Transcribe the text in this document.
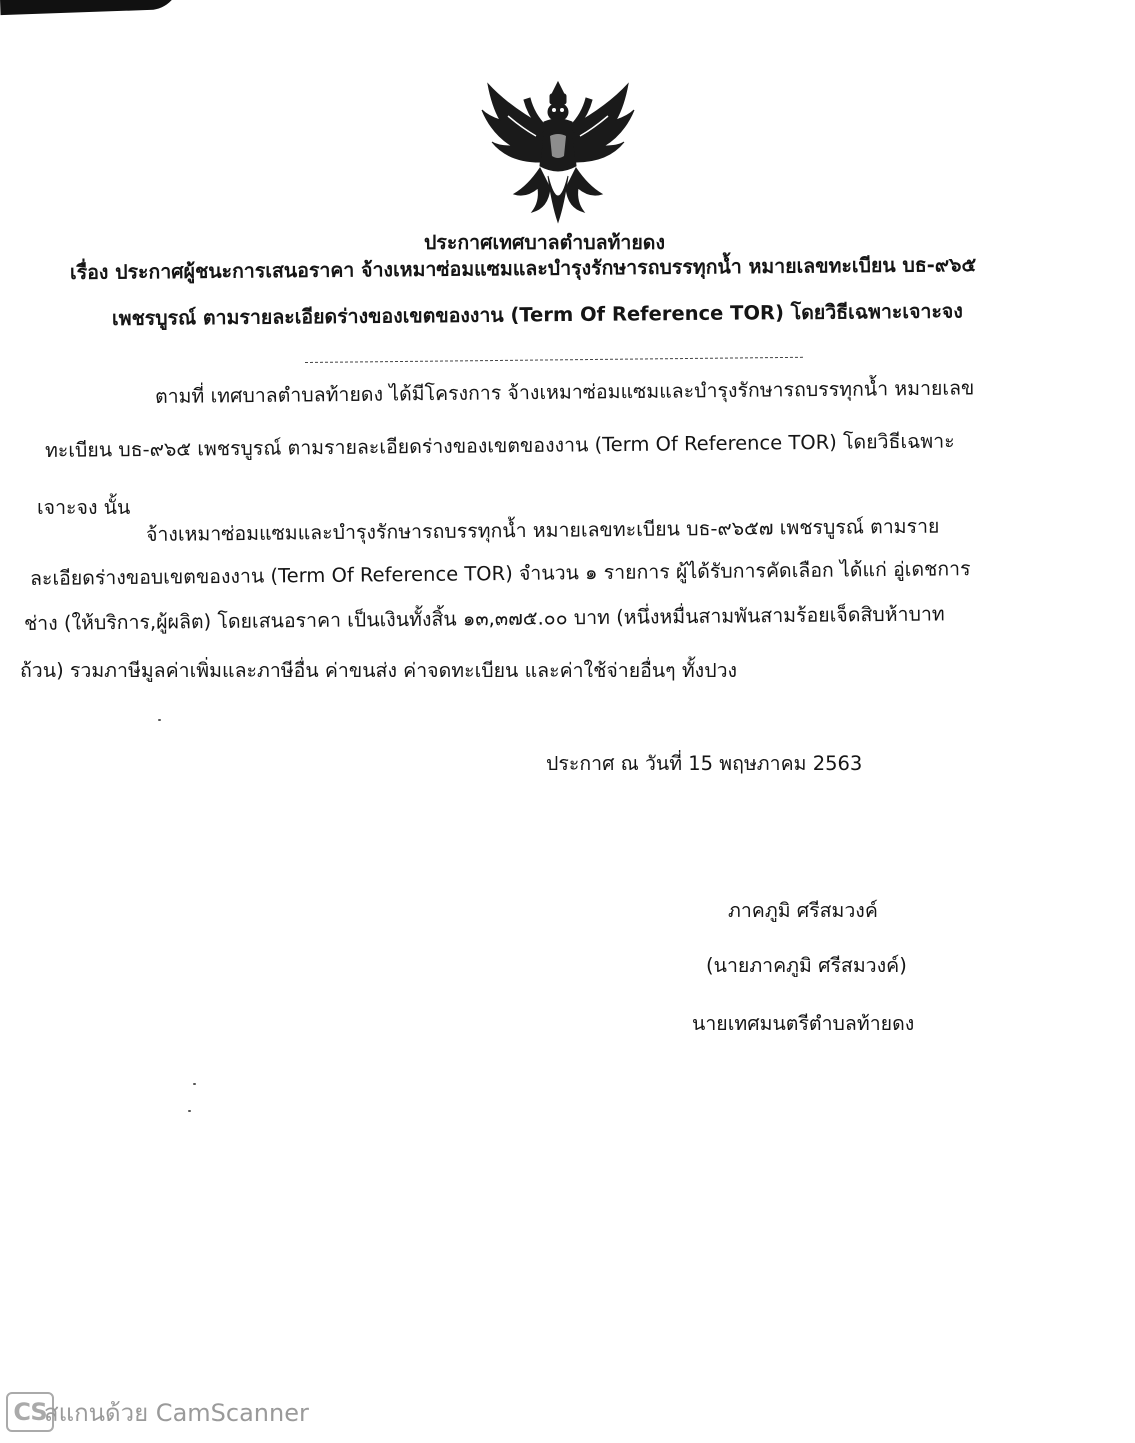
ประกาศเทศบาลตำบลท้ายดง
เรื่อง ประกาศผู้ชนะการเสนอราคา จ้างเหมาซ่อมแซมและบำรุงรักษารถบรรทุกน้ำ หมายเลขทะเบียน บธ-๙๖๕
เพชรบูรณ์ ตามรายละเอียดร่างของเขตของงาน (Term Of Reference TOR) โดยวิธีเฉพาะเจาะจง
ตามที่ เทศบาลตำบลท้ายดง ได้มีโครงการ จ้างเหมาซ่อมแซมและบำรุงรักษารถบรรทุกน้ำ หมายเลข
ทะเบียน บธ-๙๖๕ เพชรบูรณ์ ตามรายละเอียดร่างของเขตของงาน (Term Of Reference TOR) โดยวิธีเฉพาะ
เจาะจง นั้น
จ้างเหมาซ่อมแซมและบำรุงรักษารถบรรทุกน้ำ หมายเลขทะเบียน บธ-๙๖๕๗ เพชรบูรณ์ ตามราย
ละเอียดร่างขอบเขตของงาน (Term Of Reference TOR) จำนวน ๑ รายการ ผู้ได้รับการคัดเลือก ได้แก่ อู่เดชการ
ช่าง (ให้บริการ,ผู้ผลิต) โดยเสนอราคา เป็นเงินทั้งสิ้น ๑๓,๓๗๕.๐๐ บาท (หนึ่งหมื่นสามพันสามร้อยเจ็ดสิบห้าบาท
ถ้วน) รวมภาษีมูลค่าเพิ่มและภาษีอื่น ค่าขนส่ง ค่าจดทะเบียน และค่าใช้จ่ายอื่นๆ ทั้งปวง
ประกาศ ณ วันที่ 15 พฤษภาคม 2563
ภาคภูมิ ศรีสมวงค์
(นายภาคภูมิ ศรีสมวงค์)
นายเทศมนตรีตำบลท้ายดง
CS
สแกนด้วย CamScanner
